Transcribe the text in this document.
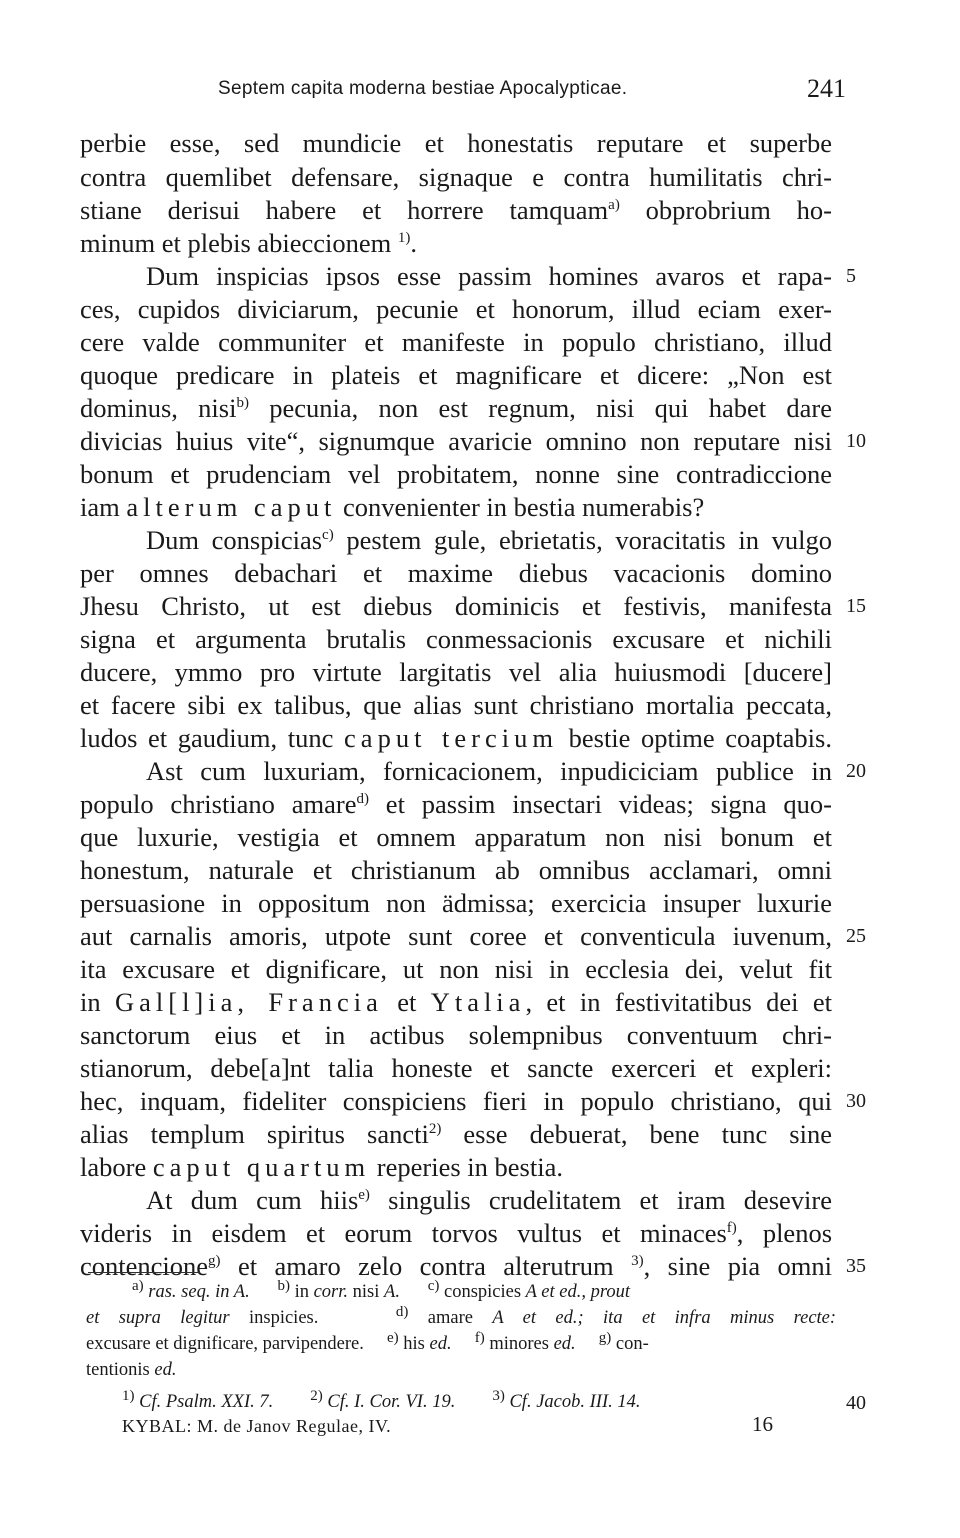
Septem capita moderna bestiae Apocalypticae.	241
perbie esse, sed mundicie et honestatis reputare et superbe
contra quemlibet defensare, signaque e contra humilitatis chri-
stiane derisui habere et horrere tamquam$^{a)}$ obprobrium ho-
minum et plebis abieccionem $^{1)}$.
Dum inspicias ipsos esse passim homines avaros et rapa-
ces, cupidos diviciarum, pecunie et honorum, illud eciam exer-
cere valde communiter et manifeste in populo christiano, illud
quoque predicare in plateis et magnificare et dicere: „Non est
dominus, nisi$^{b)}$ pecunia, non est regnum, nisi qui habet dare
divicias huius vite“, signumque avaricie omnino non reputare nisi
bonum et prudenciam vel probitatem, nonne sine contradiccione
iam alterum caput convenienter in bestia numerabis?
Dum conspicias$^{c)}$ pestem gule, ebrietatis, voracitatis in vulgo
per omnes debachari et maxime diebus vacacionis domino
Jhesu Christo, ut est diebus dominicis et festivis, manifesta
signa et argumenta brutalis conmessacionis excusare et nichili
ducere, ymmo pro virtute largitatis vel alia huiusmodi [ducere]
et facere sibi ex talibus, que alias sunt christiano mortalia peccata,
ludos et gaudium, tunc caput tercium bestie optime coaptabis.
Ast cum luxuriam, fornicacionem, inpudiciciam publice in
populo christiano amare$^{d)}$ et passim insectari videas; signa quo-
que luxurie, vestigia et omnem apparatum non nisi bonum et
honestum, naturale et christianum ab omnibus acclamari, omni
persuasione in oppositum non ädmissa; exercicia insuper luxurie
aut carnalis amoris, utpote sunt coree et conventicula iuvenum,
ita excusare et dignificare, ut non nisi in ecclesia dei, velut fit
in Gal[l]ia, Francia et Ytalia, et in festivitatibus dei et
sanctorum eius et in actibus solempnibus conventuum chri-
stianorum, debe[a]nt talia honeste et sancte exerceri et expleri:
hec, inquam, fideliter conspiciens fieri in populo christiano, qui
alias templum spiritus sancti$^{2)}$ esse debuerat, bene tunc sine
labore caput quartum reperies in bestia.
At dum cum hiis$^{e)}$ singulis crudelitatem et iram desevire
videris in eisdem et eorum torvos vultus et minaces$^{f)}$, plenos
contencione$^{g)}$ et amaro zelo contra alterutrum $^{3)}$, sine pia omni
5
10
15
20
25
30
35
$^{a)}$ ras. seq. in A. $^{b)}$ in corr. nisi A. $^{c)}$ conspicies A et ed., prout
et supra legitur inspicies.	$^{d)}$ amare A et ed.; ita et infra minus recte:
excusare et dignificare, parvipendere. $^{e)}$ his ed. $^{f)}$ minores ed. $^{g)}$ con-
tentionis ed.
$^{1)}$ Cf. Psalm. XXI. 7. $^{2)}$ Cf. I. Cor. VI. 19. $^{3)}$ Cf. Jacob. III. 14.	40
KYBAL: M. de Janov Regulae, IV.	16
